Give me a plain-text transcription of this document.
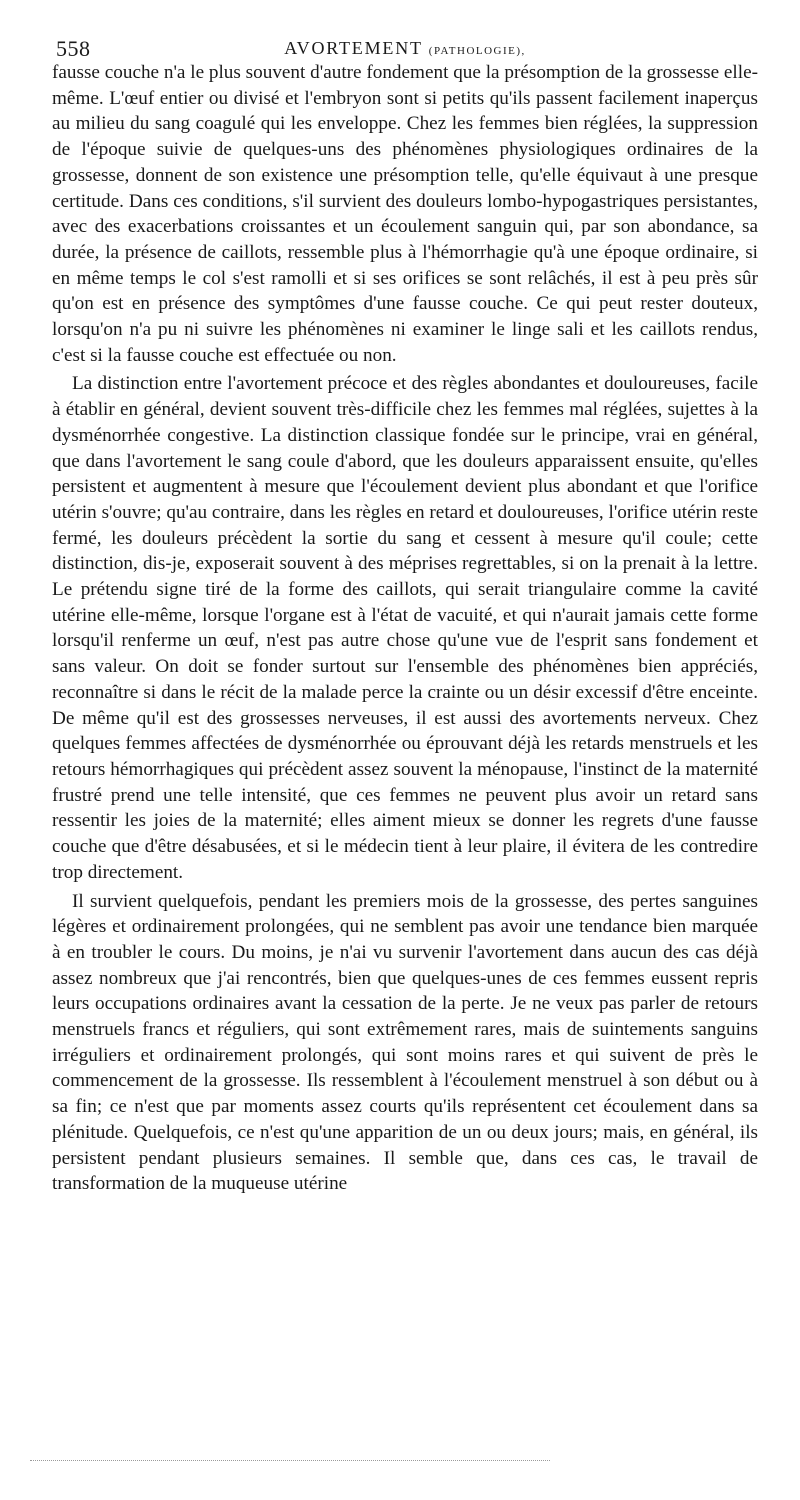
558	AVORTEMENT (PATHOLOGIE),

fausse couche n'a le plus souvent d'autre fondement que la présomption de la grossesse elle-même. L'œuf entier ou divisé et l'embryon sont si petits qu'ils passent facilement inaperçus au milieu du sang coagulé qui les enveloppe. Chez les femmes bien réglées, la suppression de l'époque suivie de quelques-uns des phénomènes physiologiques ordinaires de la grossesse, donnent de son existence une présomption telle, qu'elle équivaut à une presque certitude. Dans ces conditions, s'il survient des douleurs lombo-hypogastriques persistantes, avec des exacerbations croissantes et un écoulement sanguin qui, par son abondance, sa durée, la présence de caillots, ressemble plus à l'hémorrhagie qu'à une époque ordinaire, si en même temps le col s'est ramolli et si ses orifices se sont relâchés, il est à peu près sûr qu'on est en présence des symptômes d'une fausse couche. Ce qui peut rester douteux, lorsqu'on n'a pu ni suivre les phénomènes ni examiner le linge sali et les caillots rendus, c'est si la fausse couche est effectuée ou non.

La distinction entre l'avortement précoce et des règles abondantes et douloureuses, facile à établir en général, devient souvent très-difficile chez les femmes mal réglées, sujettes à la dysménorrhée congestive. La distinction classique fondée sur le principe, vrai en général, que dans l'avortement le sang coule d'abord, que les douleurs apparaissent ensuite, qu'elles persistent et augmentent à mesure que l'écoulement devient plus abondant et que l'orifice utérin s'ouvre; qu'au contraire, dans les règles en retard et douloureuses, l'orifice utérin reste fermé, les douleurs précèdent la sortie du sang et cessent à mesure qu'il coule; cette distinction, dis-je, exposerait souvent à des méprises regrettables, si on la prenait à la lettre. Le prétendu signe tiré de la forme des caillots, qui serait triangulaire comme la cavité utérine elle-même, lorsque l'organe est à l'état de vacuité, et qui n'aurait jamais cette forme lorsqu'il renferme un œuf, n'est pas autre chose qu'une vue de l'esprit sans fondement et sans valeur. On doit se fonder surtout sur l'ensemble des phénomènes bien appréciés, reconnaître si dans le récit de la malade perce la crainte ou un désir excessif d'être enceinte. De même qu'il est des grossesses nerveuses, il est aussi des avortements nerveux. Chez quelques femmes affectées de dysménorrhée ou éprouvant déjà les retards menstruels et les retours hémorrhagiques qui précèdent assez souvent la ménopause, l'instinct de la maternité frustré prend une telle intensité, que ces femmes ne peuvent plus avoir un retard sans ressentir les joies de la maternité; elles aiment mieux se donner les regrets d'une fausse couche que d'être désabusées, et si le médecin tient à leur plaire, il évitera de les contredire trop directement.

Il survient quelquefois, pendant les premiers mois de la grossesse, des pertes sanguines légères et ordinairement prolongées, qui ne semblent pas avoir une tendance bien marquée à en troubler le cours. Du moins, je n'ai vu survenir l'avortement dans aucun des cas déjà assez nombreux que j'ai rencontrés, bien que quelques-unes de ces femmes eussent repris leurs occupations ordinaires avant la cessation de la perte. Je ne veux pas parler de retours menstruels francs et réguliers, qui sont extrêmement rares, mais de suintements sanguins irréguliers et ordinairement prolongés, qui sont moins rares et qui suivent de près le commencement de la grossesse. Ils ressemblent à l'écoulement menstruel à son début ou à sa fin; ce n'est que par moments assez courts qu'ils représentent cet écoulement dans sa plénitude. Quelquefois, ce n'est qu'une apparition de un ou deux jours; mais, en général, ils persistent pendant plusieurs semaines. Il semble que, dans ces cas, le travail de transformation de la muqueuse utérine
